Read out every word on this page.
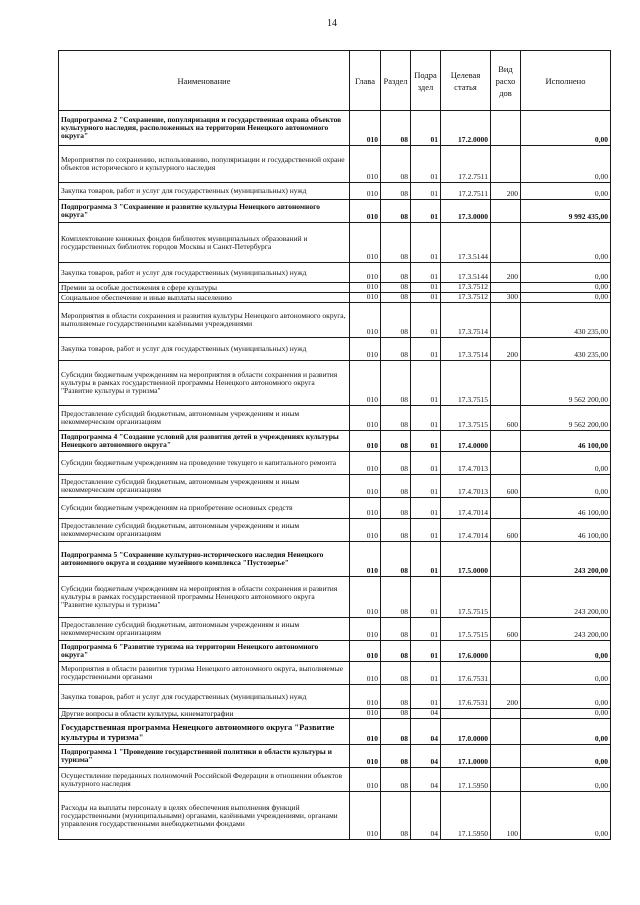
14
Наименование	Глава	Раздел	Подра здел	Целевая статья	Вид расхо дов	Исполнено
Подпрограмма 2 "Сохранение, популяризация и государственная охрана объектов культурного наследия, расположенных на территории Ненецкого автономного округа"	010	08	01	17.2.0000		0,00
Мероприятия по сохранению, использованию, популяризации и государственной охране объектов исторического и культурного наследия	010	08	01	17.2.7511		0,00
Закупка товаров, работ и услуг для государственных (муниципальных) нужд	010	08	01	17.2.7511	200	0,00
Подпрограмма 3 "Сохранение и развитие культуры Ненецкого автономного округа"	010	08	01	17.3.0000		9 992 435,00
Комплектование книжных фондов библиотек муниципальных образований и государственных библиотек городов Москвы и Санкт-Петербурга	010	08	01	17.3.5144		0,00
Закупка товаров, работ и услуг для государственных (муниципальных) нужд	010	08	01	17.3.5144	200	0,00
Премии за особые достижения в сфере культуры	010	08	01	17.3.7512		0,00
Социальное обеспечение и иные выплаты населению	010	08	01	17.3.7512	300	0,00
Мероприятия в области сохранения и развития культуры Ненецкого автономного округа, выполняемые государственными казёнными учреждениями	010	08	01	17.3.7514		430 235,00
Закупка товаров, работ и услуг для государственных (муниципальных) нужд	010	08	01	17.3.7514	200	430 235,00
Субсидии бюджетным учреждениям на мероприятия в области сохранения и развития культуры в рамках государственной программы Ненецкого автономного округа "Развитие культуры и туризма"	010	08	01	17.3.7515		9 562 200,00
Предоставление субсидий бюджетным, автономным учреждениям и иным некоммерческим организациям	010	08	01	17.3.7515	600	9 562 200,00
Подпрограмма 4 "Создание условий для развития детей в учреждениях культуры Ненецкого автономного округа"	010	08	01	17.4.0000		46 100,00
Субсидии бюджетным учреждениям на проведение текущего и капитального ремонта	010	08	01	17.4.7013		0,00
Предоставление субсидий бюджетным, автономным учреждениям и иным некоммерческим организациям	010	08	01	17.4.7013	600	0,00
Субсидии бюджетным учреждениям на приобретение основных средств	010	08	01	17.4.7014		46 100,00
Предоставление субсидий бюджетным, автономным учреждениям и иным некоммерческим организациям	010	08	01	17.4.7014	600	46 100,00
Подпрограмма 5 "Сохранение культурно-исторического наследия Ненецкого автономного округа и создание музейного комплекса "Пустозерье"	010	08	01	17.5.0000		243 200,00
Субсидии бюджетным учреждениям на мероприятия в области сохранения и развития культуры в рамках государственной программы Ненецкого автономного округа "Развитие культуры и туризма"	010	08	01	17.5.7515		243 200,00
Предоставление субсидий бюджетным, автономным учреждениям и иным некоммерческим организациям	010	08	01	17.5.7515	600	243 200,00
Подпрограмма 6 "Развитие туризма на территории Ненецкого автономного округа"	010	08	01	17.6.0000		0,00
Мероприятия в области развития туризма Ненецкого автономного округа, выполняемые государственными органами	010	08	01	17.6.7531		0,00
Закупка товаров, работ и услуг для государственных (муниципальных) нужд	010	08	01	17.6.7531	200	0,00
Другие вопросы в области культуры, кинематографии	010	08	04			0,00
Государственная программа Ненецкого автономного округа "Развитие культуры и туризма"	010	08	04	17.0.0000		0,00
Подпрограмма 1 "Проведение государственной политики в области культуры и туризма"	010	08	04	17.1.0000		0,00
Осуществление переданных полномочий Российской Федерации в отношении объектов культурного наследия	010	08	04	17.1.5950		0,00
Расходы на выплаты персоналу в целях обеспечения выполнения функций государственными (муниципальными) органами, казёнными учреждениями, органами управления государственными внебюджетными фондами	010	08	04	17.1.5950	100	0,00
